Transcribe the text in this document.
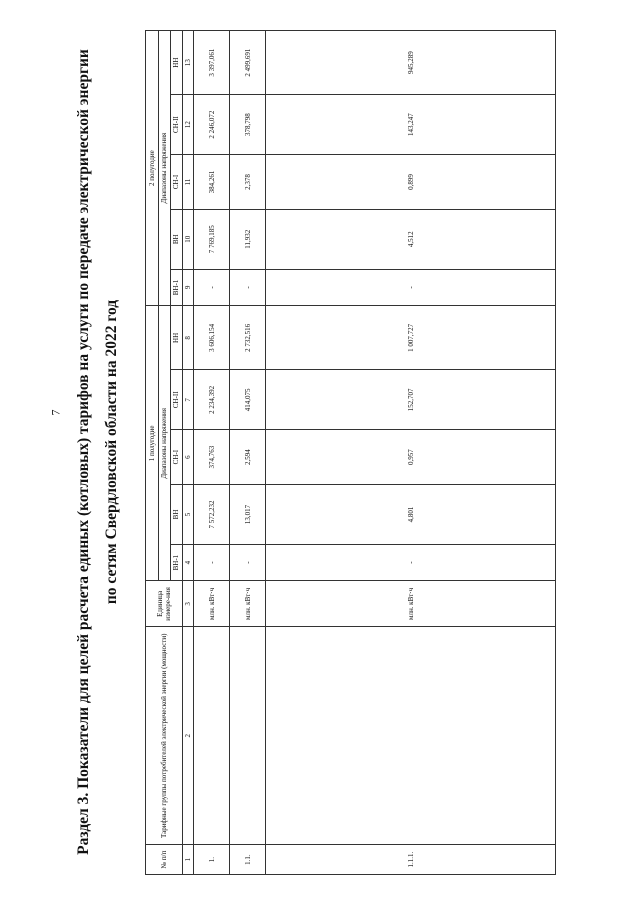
7 Раздел 3. Показатели для целей расчета единых (котловых) тарифов на услуги по передаче электрической энергии по сетям Свердловской области на 2022 год
№ п/п	Тарифные группы потребителей электрической энергии (мощности)	Единица измере-ния	1 полугодие					2 полугодие				
			Диапазоны напряжения					Диапазоны напряжения				
			ВН-1	ВН	СН-I	СН-II	НН	ВН-1	ВН	СН-I	СН-II	НН
1	2	3	4	5	6	7	8	9	10	11	12	13
1.		млн. кВт·ч	-	7 572,232	374,763	2 234,392	3 606,154	-	7 769,185	384,261	2 246,072	3 397,061
1.1.		млн. кВт·ч	-	13,017	2,594	414,075	2 732,516	-	11,932	2,378	378,798	2 499,691
1.1.1.		млн. кВт·ч	-	4,801	0,957	152,707	1 007,727	-	4,512	0,899	143,247	945,289
